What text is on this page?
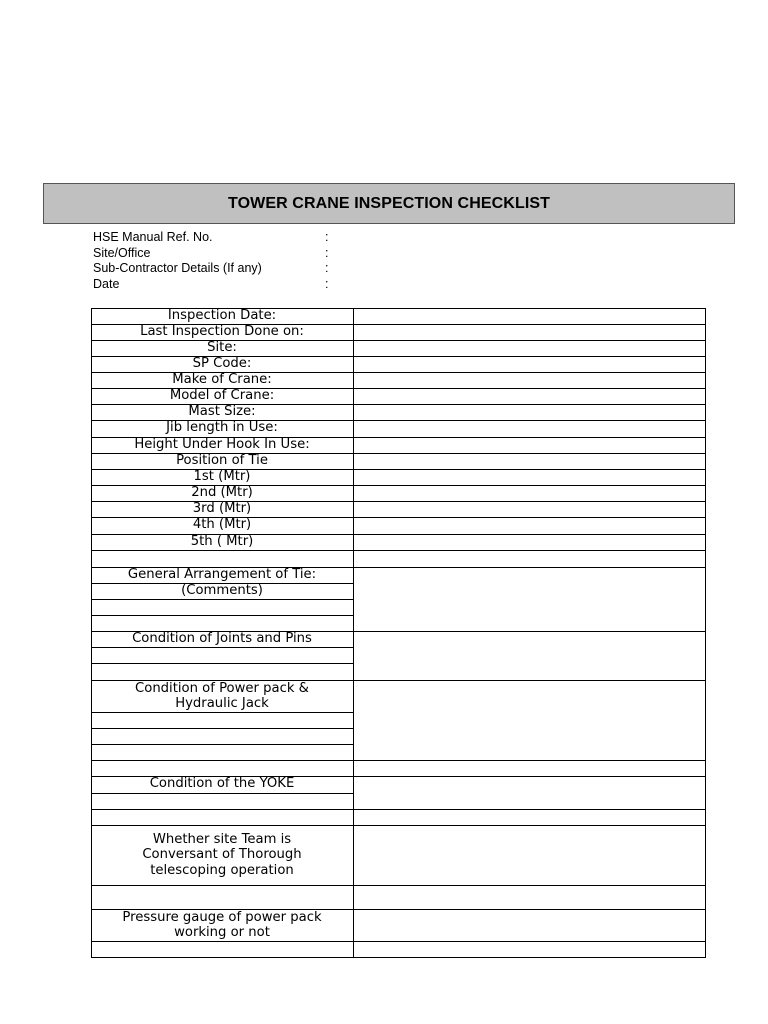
TOWER CRANE INSPECTION CHECKLIST
HSE Manual Ref. No.	:
Site/Office	:
Sub-Contractor Details (If any)	:
Date	:
Inspection Date:
Last Inspection Done on:
Site:
SP Code:
Make of Crane:
Model of Crane:
Mast Size:
Jib length in Use:
Height Under Hook In Use:
Position of Tie
1st (Mtr)
2nd (Mtr)
3rd (Mtr)
4th (Mtr)
5th ( Mtr)
General Arrangement of Tie:
(Comments)
Condition of Joints and Pins
Condition of Power pack &
Hydraulic Jack
Condition of the YOKE
Whether site Team is
Conversant of Thorough
telescoping operation
Pressure gauge of power pack
working or not
